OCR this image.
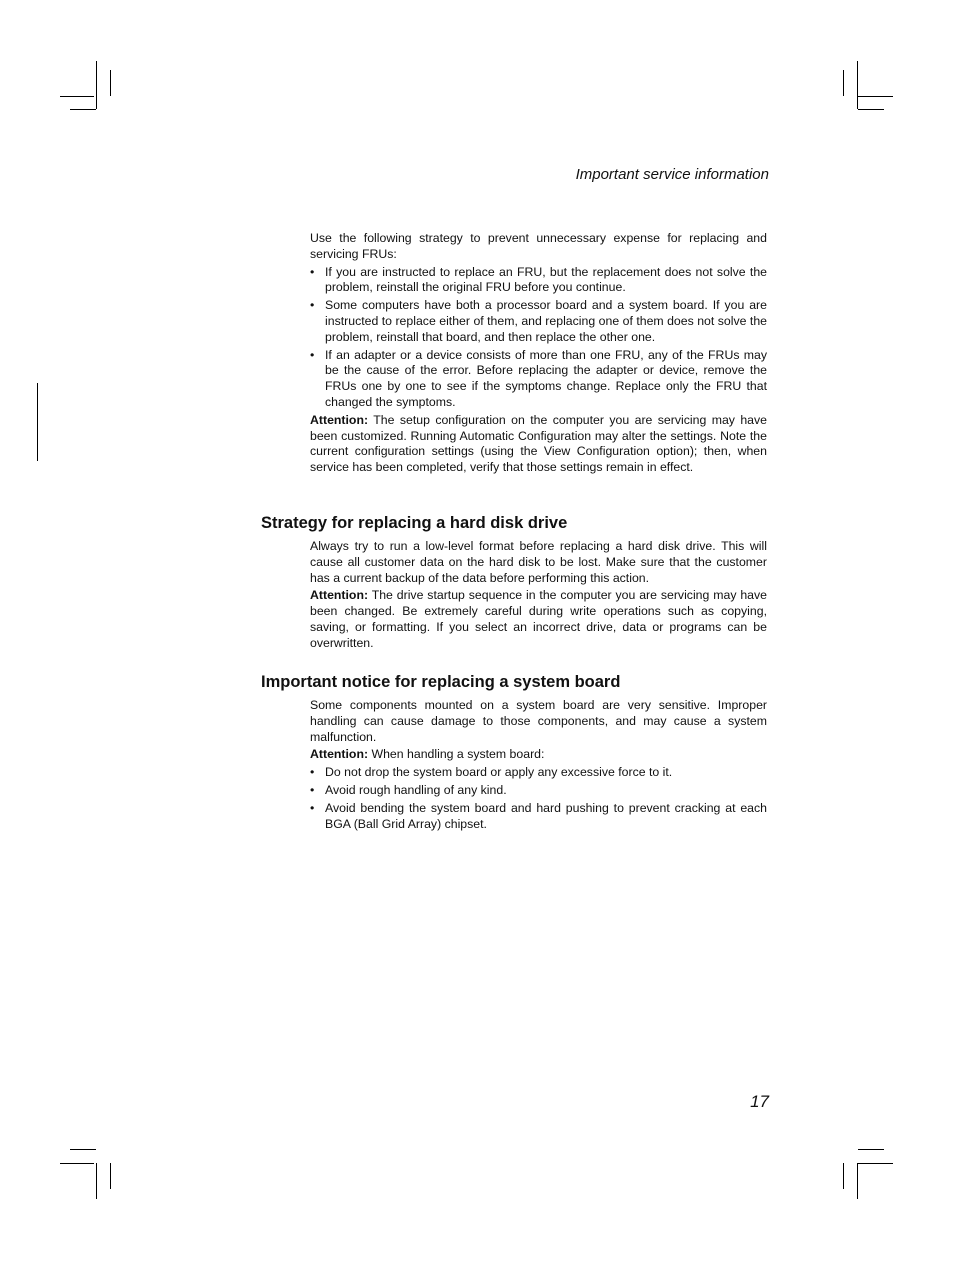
Important service information

Use the following strategy to prevent unnecessary expense for replacing and servicing FRUs:

• If you are instructed to replace an FRU, but the replacement does not solve the problem, reinstall the original FRU before you continue.
• Some computers have both a processor board and a system board. If you are instructed to replace either of them, and replacing one of them does not solve the problem, reinstall that board, and then replace the other one.
• If an adapter or a device consists of more than one FRU, any of the FRUs may be the cause of the error. Before replacing the adapter or device, remove the FRUs one by one to see if the symptoms change. Replace only the FRU that changed the symptoms.

Attention: The setup configuration on the computer you are servicing may have been customized. Running Automatic Configuration may alter the settings. Note the current configuration settings (using the View Configuration option); then, when service has been completed, verify that those settings remain in effect.

Strategy for replacing a hard disk drive

Always try to run a low-level format before replacing a hard disk drive. This will cause all customer data on the hard disk to be lost. Make sure that the customer has a current backup of the data before performing this action.

Attention: The drive startup sequence in the computer you are servicing may have been changed. Be extremely careful during write operations such as copying, saving, or formatting. If you select an incorrect drive, data or programs can be overwritten.

Important notice for replacing a system board

Some components mounted on a system board are very sensitive. Improper handling can cause damage to those components, and may cause a system malfunction.

Attention: When handling a system board:

• Do not drop the system board or apply any excessive force to it.
• Avoid rough handling of any kind.
• Avoid bending the system board and hard pushing to prevent cracking at each BGA (Ball Grid Array) chipset.
17
